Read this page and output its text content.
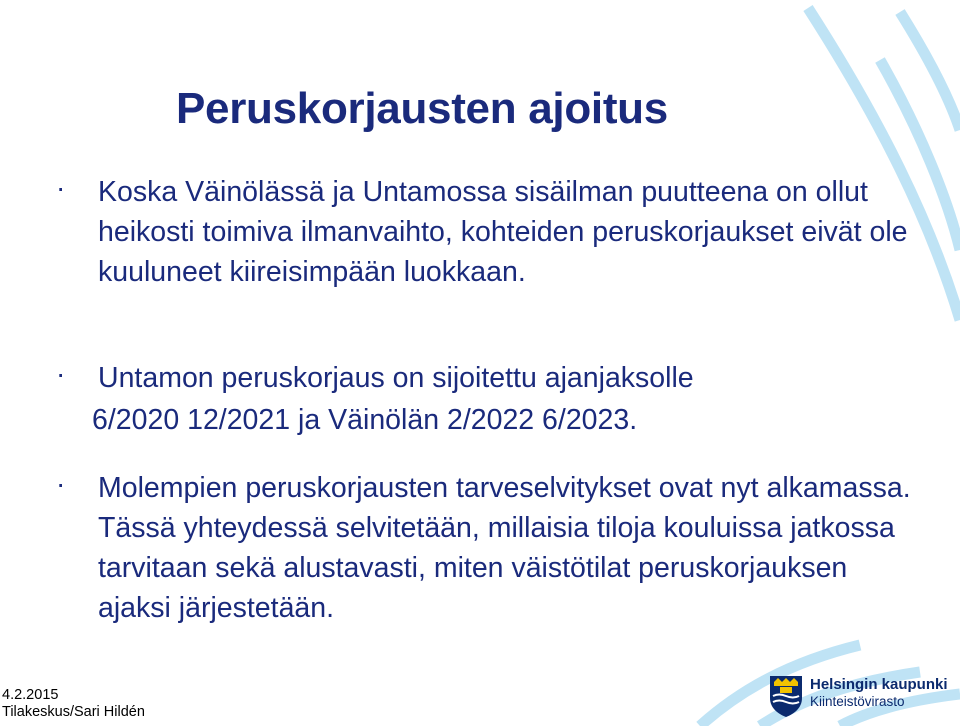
Peruskorjausten ajoitus
· Koska Väinölässä ja Untamossa sisäilman puutteena on ollut heikosti toimiva ilmanvaihto, kohteiden peruskorjaukset eivät ole kuuluneet kiireisimpään luokkaan.
· Untamon peruskorjaus on sijoitettu ajanjaksolle
6/2020 12/2021 ja Väinölän 2/2022 6/2023.
· Molempien peruskorjausten tarveselvitykset ovat nyt alkamassa. Tässä yhteydessä selvitetään, millaisia tiloja kouluissa jatkossa tarvitaan sekä alustavasti, miten väistötilat peruskorjauksen ajaksi järjestetään.
4.2.2015
Tilakeskus/Sari Hildén
Helsingin kaupunki
Kiinteistövirasto
